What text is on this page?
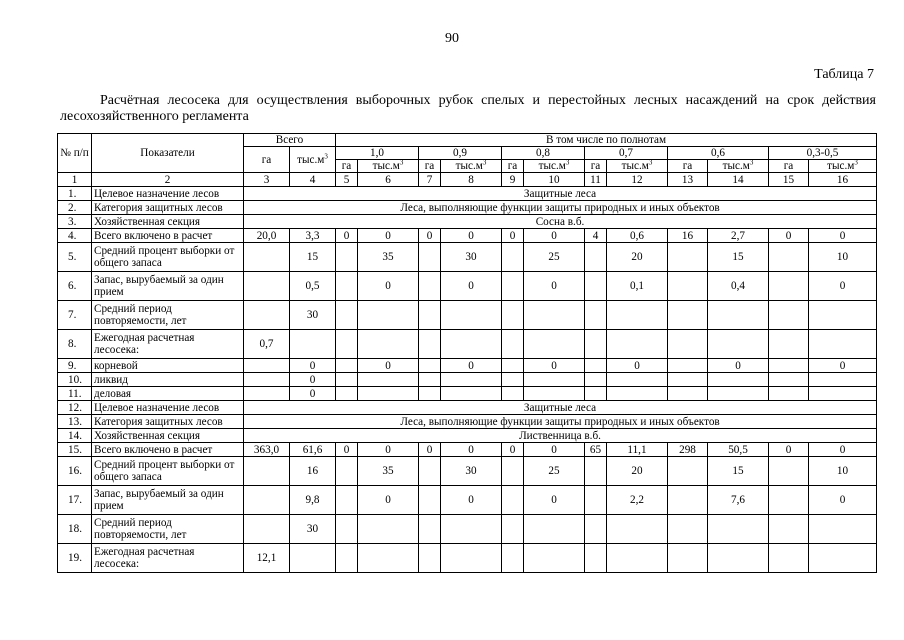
90
Таблица 7
Расчётная лесосека для осуществления выборочных рубок спелых и перестойных лесных насаждений на срок действия лесохозяйственного регламента
№ п/п	Показатели	Всего		В том числе по полнотам											
		га	$тыс.м^3$	1,0		0,9		0,8		0,7		0,6		0,3-0,5	
				га	$тыс.м^3$	га	$тыс.м^3$	га	$тыс.м^3$	га	$тыс.м^3$	га	$тыс.м^3$	га	$тыс.м^3$
1	2	3	4	5	6	7	8	9	10	11	12	13	14	15	16
1.	Целевое назначение лесов	Защитные леса													
2.	Категория защитных лесов	Леса, выполняющие функции защиты природных и иных объектов													
3.	Хозяйственная секция	Сосна в.б.													
4.	Всего включено в расчет	20,0	3,3	0	0	0	0	0	0	4	0,6	16	2,7	0	0
5.	Средний процент выборки от общего запаса		15		35		30		25		20		15		10
6.	Запас, вырубаемый за один прием		0,5		0		0		0		0,1		0,4		0
7.	Средний период повторяемости, лет		30												
8.	Ежегодная расчетная лесосека:	0,7													
9.	корневой		0		0		0		0		0		0		0
10.	ликвид		0												
11.	деловая		0												
12.	Целевое назначение лесов	Защитные леса													
13.	Категория защитных лесов	Леса, выполняющие функции защиты природных и иных объектов													
14.	Хозяйственная секция	Лиственница в.б.													
15.	Всего включено в расчет	363,0	61,6	0	0	0	0	0	0	65	11,1	298	50,5	0	0
16.	Средний процент выборки от общего запаса		16		35		30		25		20		15		10
17.	Запас, вырубаемый за один прием		9,8		0		0		0		2,2		7,6		0
18.	Средний период повторяемости, лет		30												
19.	Ежегодная расчетная лесосека:	12,1													
